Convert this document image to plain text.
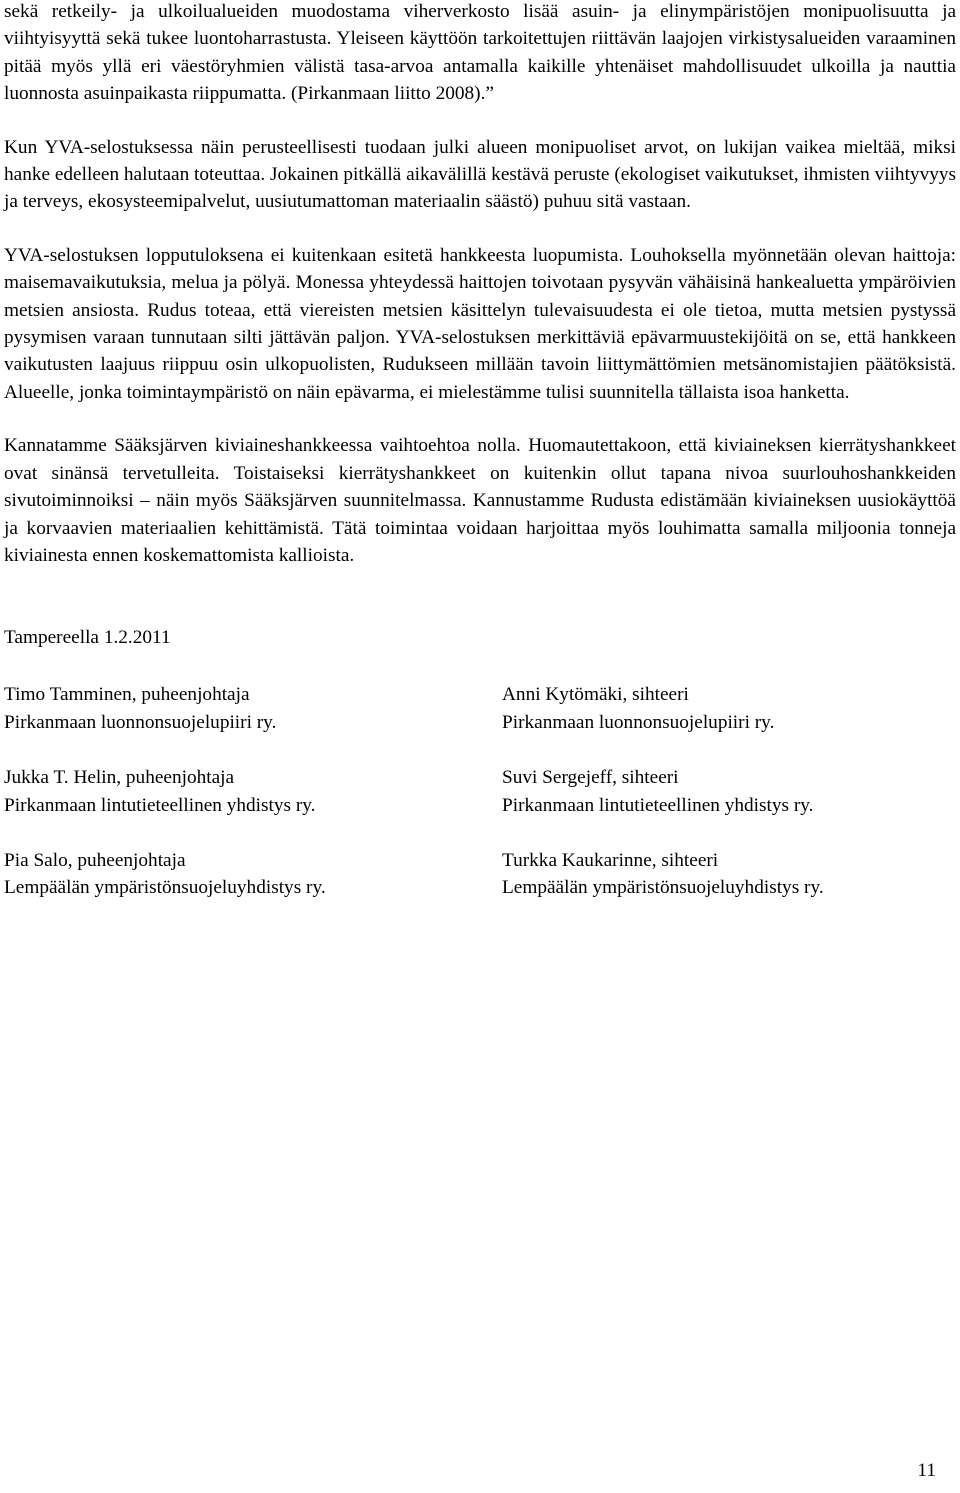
sekä retkeily- ja ulkoilualueiden muodostama viherverkosto lisää asuin- ja elinympäristöjen monipuolisuutta ja viihtyisyyttä sekä tukee luontoharrastusta. Yleiseen käyttöön tarkoitettujen riittävän laajojen virkistysalueiden varaaminen pitää myös yllä eri väestöryhmien välistä tasa-arvoa antamalla kaikille yhtenäiset mahdollisuudet ulkoilla ja nauttia luonnosta asuinpaikasta riippumatta. (Pirkanmaan liitto 2008).”

Kun YVA-selostuksessa näin perusteellisesti tuodaan julki alueen monipuoliset arvot, on lukijan vaikea mieltää, miksi hanke edelleen halutaan toteuttaa. Jokainen pitkällä aikavälillä kestävä peruste (ekologiset vaikutukset, ihmisten viihtyvyys ja terveys, ekosysteemipalvelut, uusiutumattoman materiaalin säästö) puhuu sitä vastaan.

YVA-selostuksen lopputuloksena ei kuitenkaan esitetä hankkeesta luopumista. Louhoksella myönnetään olevan haittoja: maisemavaikutuksia, melua ja pölyä. Monessa yhteydessä haittojen toivotaan pysyvän vähäisinä hankealuetta ympäröivien metsien ansiosta. Rudus toteaa, että viereisten metsien käsittelyn tulevaisuudesta ei ole tietoa, mutta metsien pystyssä pysymisen varaan tunnutaan silti jättävän paljon. YVA-selostuksen merkittäviä epävarmuustekijöitä on se, että hankkeen vaikutusten laajuus riippuu osin ulkopuolisten, Rudukseen millään tavoin liittymättömien metsänomistajien päätöksistä. Alueelle, jonka toimintaympäristö on näin epävarma, ei mielestämme tulisi suunnitella tällaista isoa hanketta.

Kannatamme Sääksjärven kiviaineshankkeessa vaihtoehtoa nolla. Huomautettakoon, että kiviaineksen kierrätyshankkeet ovat sinänsä tervetulleita. Toistaiseksi kierrätyshankkeet on kuitenkin ollut tapana nivoa suurlouhoshankkeiden sivutoiminnoiksi – näin myös Sääksjärven suunnitelmassa. Kannustamme Rudusta edistämään kiviaineksen uusiokäyttöä ja korvaavien materiaalien kehittämistä. Tätä toimintaa voidaan harjoittaa myös louhimatta samalla miljoonia tonneja kiviainesta ennen koskemattomista kallioista.

Tampereella 1.2.2011

Timo Tamminen, puheenjohtaja
Pirkanmaan luonnonsuojelupiiri ry.
Anni Kytömäki, sihteeri
Pirkanmaan luonnonsuojelupiiri ry.
Jukka T. Helin, puheenjohtaja
Pirkanmaan lintutieteellinen yhdistys ry.
Suvi Sergejeff, sihteeri
Pirkanmaan lintutieteellinen yhdistys ry.
Pia Salo, puheenjohtaja
Lempäälän ympäristönsuojeluyhdistys ry.
Turkka Kaukarinne, sihteeri
Lempäälän ympäristönsuojeluyhdistys ry.
11
